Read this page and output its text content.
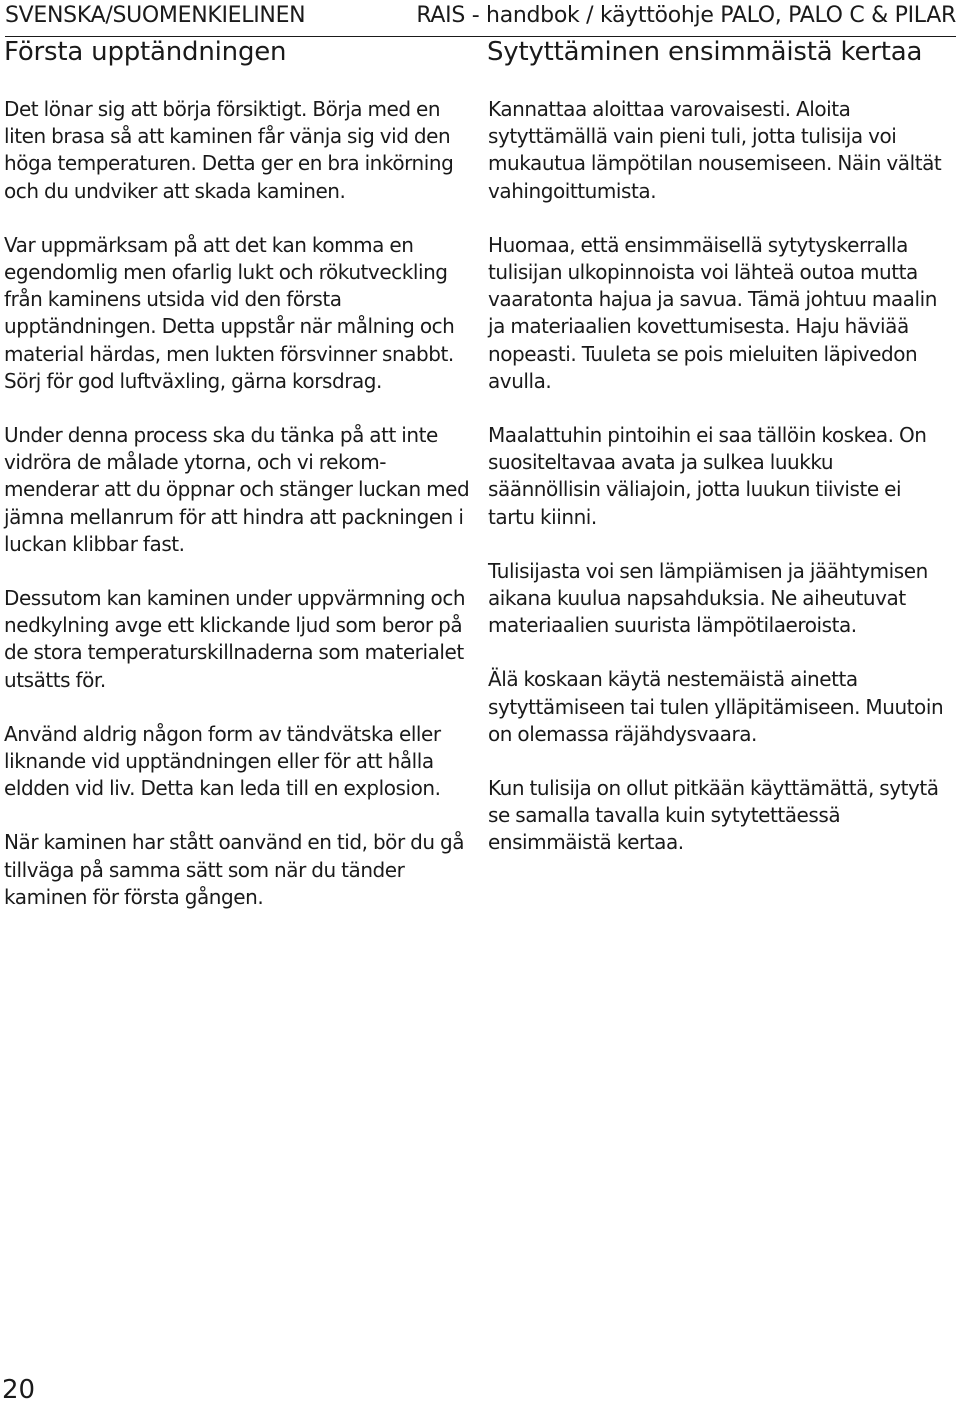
SVENSKA/SUOMENKIELINEN	RAIS - handbok / käyttöohje PALO, PALO C & PILAR
Första upptändningen	Sytyttäminen ensimmäistä kertaa

Det lönar sig att börja försiktigt. Börja med en liten brasa så att kaminen får vänja sig vid den höga temperaturen. Detta ger en bra inkörning och du undviker att skada kaminen.

Var uppmärksam på att det kan komma en egendomlig men ofarlig lukt och rökutveckling från kaminens utsida vid den första upptändningen. Detta uppstår när målning och material härdas, men lukten försvinner snabbt. Sörj för god luftväxling, gärna korsdrag.

Under denna process ska du tänka på att inte vidröra de målade ytorna, och vi rekommenderar att du öppnar och stänger luckan med jämna mellanrum för att hindra att packningen i luckan klibbar fast.

Dessutom kan kaminen under uppvärmning och nedkylning avge ett klickande ljud som beror på de stora temperaturskillnaderna som materialet utsätts för.

Använd aldrig någon form av tändvätska eller liknande vid upptändningen eller för att hålla eldden vid liv. Detta kan leda till en explosion.

När kaminen har stått oanvänd en tid, bör du gå tillväga på samma sätt som när du tänder kaminen för första gången.

Kannattaa aloittaa varovaisesti. Aloita sytyttämällä vain pieni tuli, jotta tulisija voi mukautua lämpötilan nousemiseen. Näin vältät vahingoittumista.

Huomaa, että ensimmäisellä sytytyskerralla tulisijan ulkopinnoista voi lähteä outoa mutta vaaratonta hajua ja savua. Tämä johtuu maalin ja materiaalien kovettumisesta. Haju häviää nopeasti. Tuuleta se pois mieluiten läpivedon avulla.

Maalattuhin pintoihin ei saa tällöin koskea. On suositeltavaa avata ja sulkea luukku säännöllisin väliajoin, jotta luukun tiiviste ei tartu kiinni.

Tulisijasta voi sen lämpiämisen ja jäähtymisen aikana kuulua napsahduksia. Ne aiheutuvat materiaalien suurista lämpötilaeroista.

Älä koskaan käytä nestemäistä ainetta sytyttämiseen tai tulen ylläpitämiseen. Muutoin on olemassa räjähdysvaara.

Kun tulisija on ollut pitkään käyttämättä, sytytä se samalla tavalla kuin sytytettäessä ensimmäistä kertaa.

20
